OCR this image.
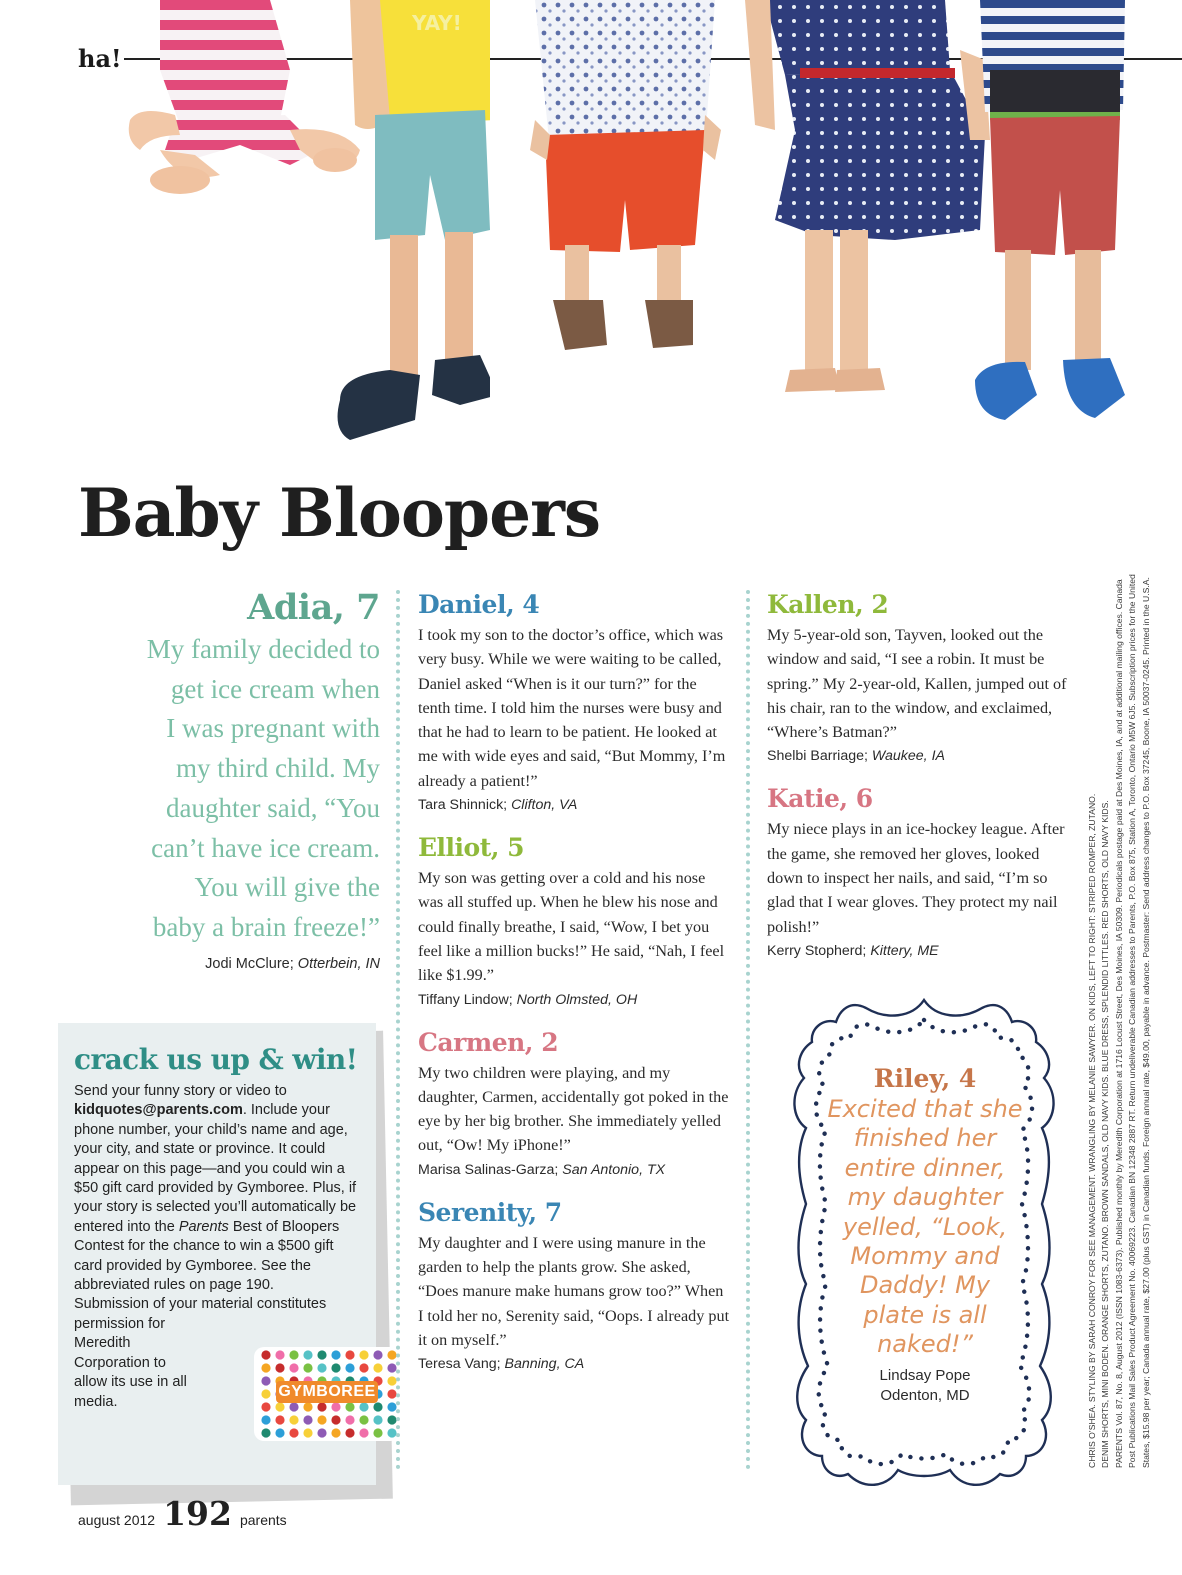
ha!
YAY!
Baby Bloopers
Adia, 7
My family decided to
get ice cream when
I was pregnant with
my third child. My
daughter said, “You
can’t have ice cream.
You will give the
baby a brain freeze!”
Jodi McClure; Otterbein, IN
crack us up & win!
Send your funny story or video to kidquotes@parents.com. Include your phone number, your child’s name and age, your city, and state or province. It could appear on this page—and you could win a $50 gift card provided by Gymboree. Plus, if your story is selected you’ll automatically be entered into the Parents Best of Bloopers Contest for the chance to win a $500 gift card provided by Gymboree. See the abbreviated rules on page 190.
Submission of your material constitutes
permission for Meredith Corporation to allow its use in all media.
GYMBOREE
Daniel, 4
I took my son to the doctor’s office, which was very busy. While we were waiting to be called, Daniel asked “When is it our turn?” for the tenth time. I told him the nurses were busy and that he had to learn to be patient. He looked at me with wide eyes and said, “But Mommy, I’m already a patient!”
Tara Shinnick; Clifton, VA
Elliot, 5
My son was getting over a cold and his nose was all stuffed up. When he blew his nose and could finally breathe, I said, “Wow, I bet you feel like a million bucks!” He said, “Nah, I feel like $1.99.”
Tiffany Lindow; North Olmsted, OH
Carmen, 2
My two children were playing, and my daughter, Carmen, accidentally got poked in the eye by her big brother. She immediately yelled out, “Ow! My iPhone!”
Marisa Salinas-Garza; San Antonio, TX
Serenity, 7
My daughter and I were using manure in the garden to help the plants grow. She asked, “Does manure make humans grow too?” When I told her no, Serenity said, “Oops. I already put it on myself.”
Teresa Vang; Banning, CA
Kallen, 2
My 5-year-old son, Tayven, looked out the window and said, “I see a robin. It must be spring.” My 2-year-old, Kallen, jumped out of his chair, ran to the window, and exclaimed, “Where’s Batman?”
Shelbi Barriage; Waukee, IA
Katie, 6
My niece plays in an ice-hockey league. After the game, she removed her gloves, looked down to inspect her nails, and said, “I’m so glad that I wear gloves. They protect my nail polish!”
Kerry Stopherd; Kittery, ME
Riley, 4
Excited that she finished her entire dinner, my daughter yelled, “Look, Mommy and Daddy! My plate is all naked!”
Lindsay Pope
Odenton, MD	CHRIS O’SHEA. STYLING BY SARAH CONROY FOR SEE MANAGEMENT. WRANGLING BY MELANIE SAWYER. ON KIDS, LEFT TO RIGHT: STRIPED ROMPER, ZUTANO. DENIM SHORTS, MINI BODEN. ORANGE SHORTS, ZUTANO. BROWN SANDALS, OLD NAVY KIDS. BLUE DRESS, SPLENDID LITTLES. RED SHORTS, OLD NAVY KIDS. PARENTS Vol. 87, No. 8, August 2012 (ISSN 1083-6373). Published monthly by Meredith Corporation at 1716 Locust Street, Des Moines, IA 50309. Periodicals postage paid at Des Moines, IA, and at additional mailing offices. Canada Post Publications Mail Sales Product Agreement No. 40069223. Canadian BN 12348 2887 RT. Return undeliverable Canadian addresses to Parents, P.O. Box 875, Station A, Toronto, Ontario M5W 6J5. Subscription prices for the United States, $15.98 per year; Canada annual rate, $27.00 (plus GST) in Canadian funds. Foreign annual rate, $49.00, payable in advance. Postmaster: Send address changes to P.O. Box 37245, Boone, IA 50037-0245. Printed in the U.S.A.
august 2012 192 parents
